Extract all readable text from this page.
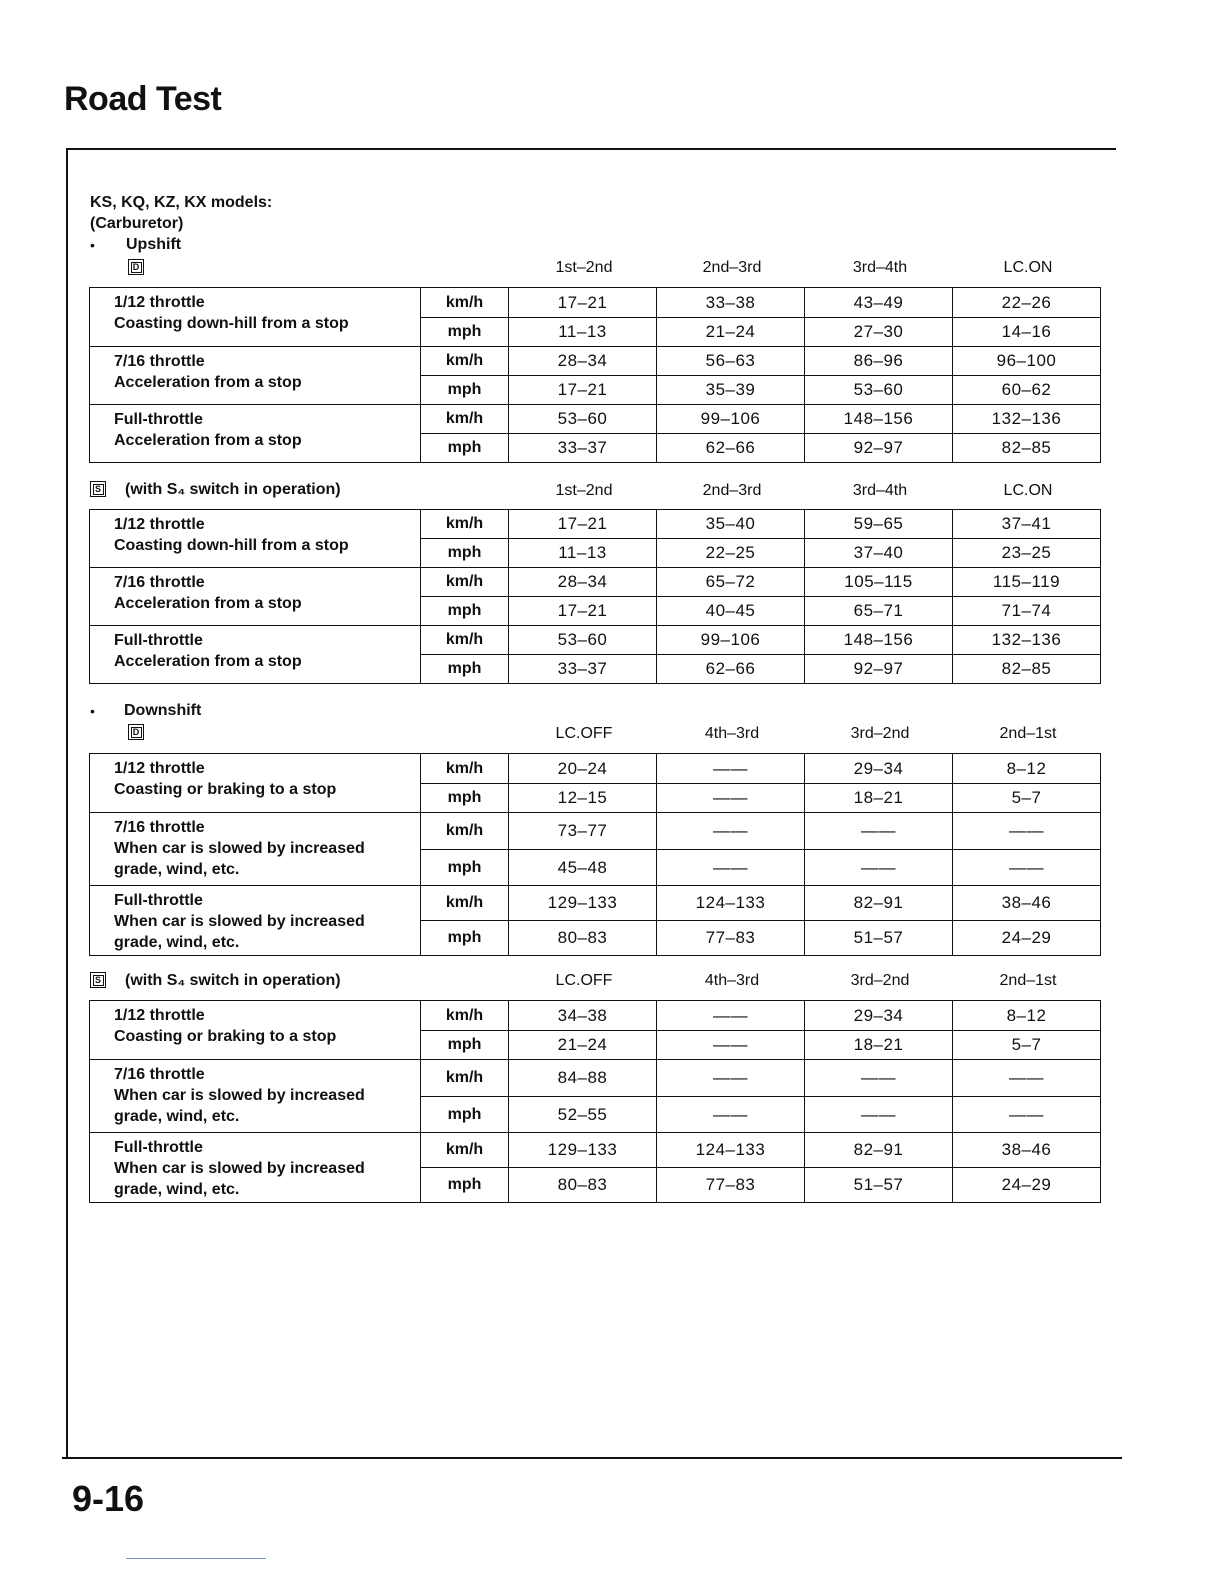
Road Test
KS, KQ, KZ, KX models:
(Carburetor)
• Upshift
D	1st–2nd	2nd–3rd	3rd–4th	LC.ON
1/12 throttle
Coasting down-hill from a stop	km/h	17–21	33–38	43–49	22–26
	mph	11–13	21–24	27–30	14–16

7/16 throttle
Acceleration from a stop	km/h	28–34	56–63	86–96	96–100
	mph	17–21	35–39	53–60	60–62

Full-throttle
Acceleration from a stop	km/h	53–60	99–106	148–156	132–136
	mph	33–37	62–66	92–97	82–85
S (with S₄ switch in operation)	1st–2nd	2nd–3rd	3rd–4th	LC.ON
1/12 throttle
Coasting down-hill from a stop	km/h	17–21	35–40	59–65	37–41
	mph	11–13	22–25	37–40	23–25

7/16 throttle
Acceleration from a stop	km/h	28–34	65–72	105–115	115–119
	mph	17–21	40–45	65–71	71–74

Full-throttle
Acceleration from a stop	km/h	53–60	99–106	148–156	132–136
	mph	33–37	62–66	92–97	82–85
• Downshift
D	LC.OFF	4th–3rd	3rd–2nd	2nd–1st
1/12 throttle
Coasting or braking to a stop	km/h	20–24	——	29–34	8–12
	mph	12–15	——	18–21	5–7

7/16 throttle
When car is slowed by increased
grade, wind, etc.	km/h	73–77	——	——	——
	mph	45–48	——	——	——

Full-throttle
When car is slowed by increased
grade, wind, etc.	km/h	129–133	124–133	82–91	38–46
	mph	80–83	77–83	51–57	24–29
S (with S₄ switch in operation)	LC.OFF	4th–3rd	3rd–2nd	2nd–1st
1/12 throttle
Coasting or braking to a stop	km/h	34–38	——	29–34	8–12
	mph	21–24	——	18–21	5–7

7/16 throttle
When car is slowed by increased
grade, wind, etc.	km/h	84–88	——	——	——
	mph	52–55	——	——	——

Full-throttle
When car is slowed by increased
grade, wind, etc.	km/h	129–133	124–133	82–91	38–46
	mph	80–83	77–83	51–57	24–29
9-16
